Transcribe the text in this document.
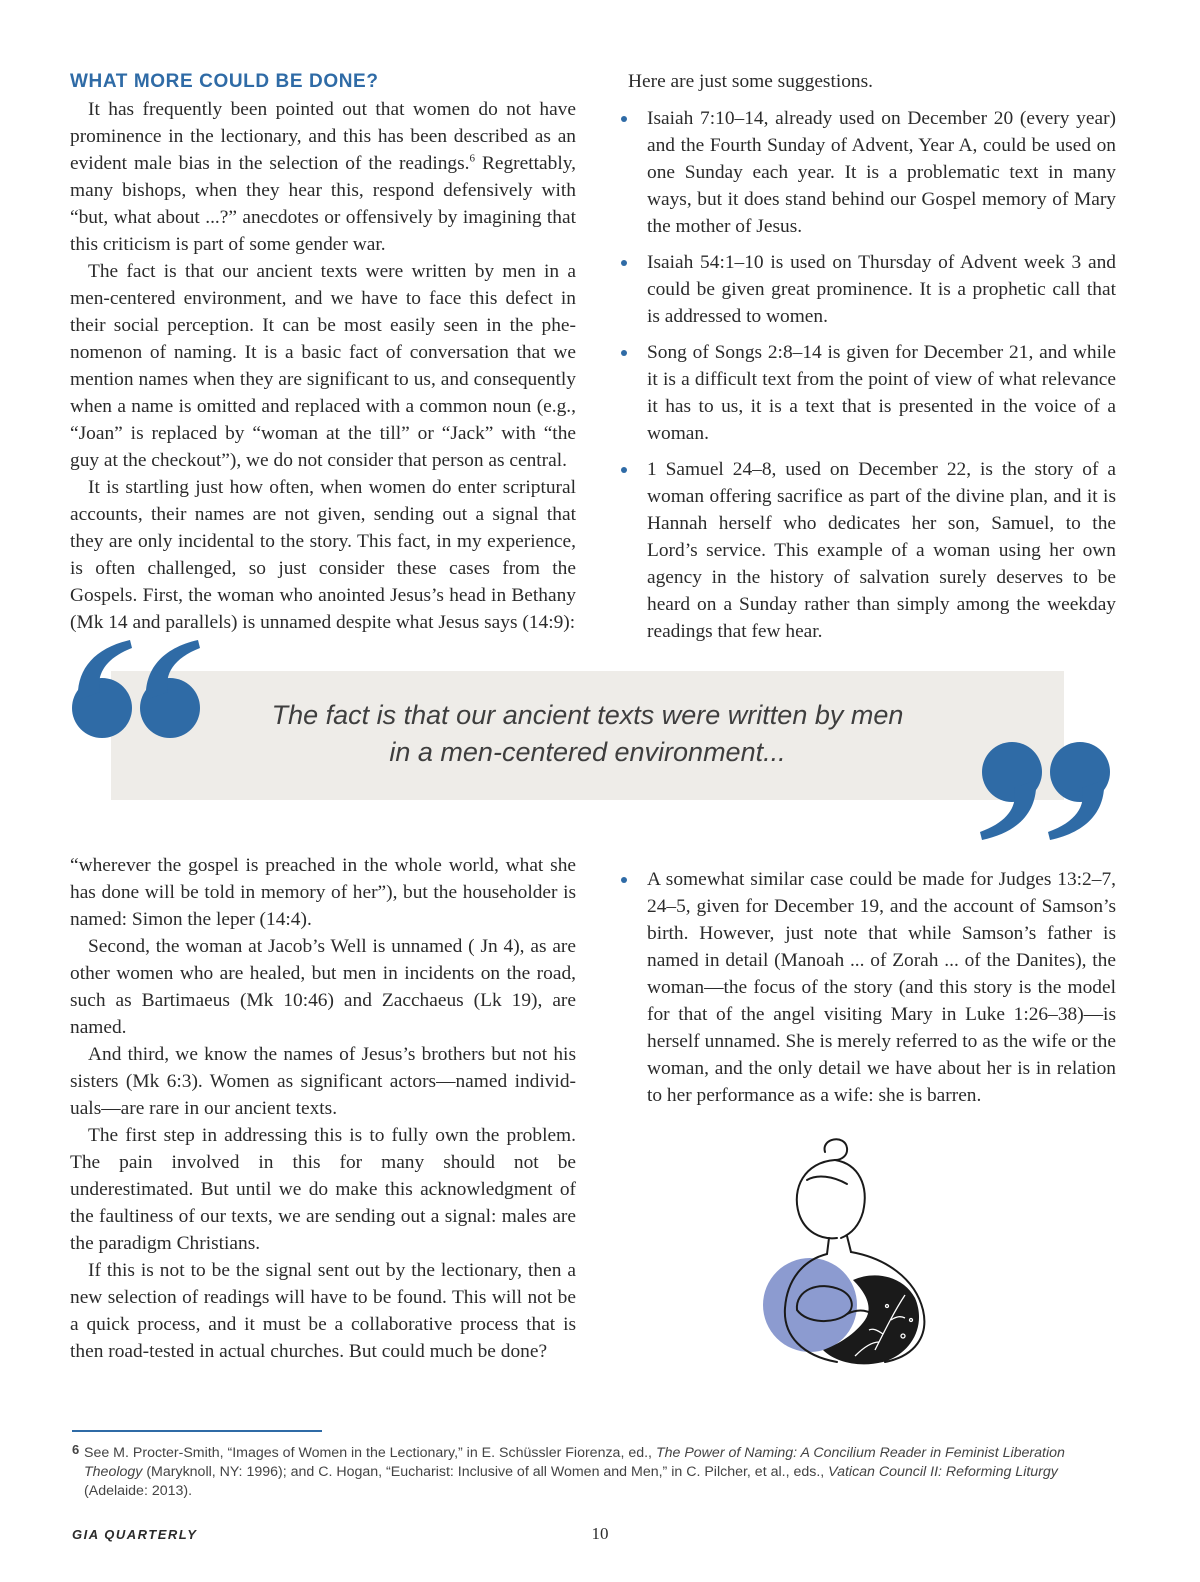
WHAT MORE COULD BE DONE?

It has frequently been pointed out that women do not have prominence in the lectionary, and this has been described as an evident male bias in the selection of the readings.$^6$ Regrettably, many bishops, when they hear this, respond defensively with “but, what about ...?” anecdotes or offensively by imagining that this criticism is part of some gender war.

The fact is that our ancient texts were written by men in a men-centered environment, and we have to face this defect in their social perception. It can be most easily seen in the phenomenon of naming. It is a basic fact of conversation that we mention names when they are significant to us, and consequently when a name is omitted and replaced with a common noun (e.g., “Joan” is replaced by “woman at the till” or “Jack” with “the guy at the checkout”), we do not consider that person as central.

It is startling just how often, when women do enter scriptural accounts, their names are not given, sending out a signal that they are only incidental to the story. This fact, in my experience, is often challenged, so just consider these cases from the Gospels. First, the woman who anointed Jesus’s head in Bethany (Mk 14 and parallels) is unnamed despite what Jesus says (14:9):

Here are just some suggestions.

Isaiah 7:10–14, already used on December 20 (every year) and the Fourth Sunday of Advent, Year A, could be used on one Sunday each year. It is a problematic text in many ways, but it does stand behind our Gospel memory of Mary the mother of Jesus.
Isaiah 54:1–10 is used on Thursday of Advent week 3 and could be given great prominence. It is a prophetic call that is addressed to women.
Song of Songs 2:8–14 is given for December 21, and while it is a difficult text from the point of view of what relevance it has to us, it is a text that is presented in the voice of a woman.
1 Samuel 24–8, used on December 22, is the story of a woman offering sacrifice as part of the divine plan, and it is Hannah herself who dedicates her son, Samuel, to the Lord’s service. This example of a woman using her own agency in the history of salvation surely deserves to be heard on a Sunday rather than simply among the weekday readings that few hear.
The fact is that our ancient texts were written by men
in a men-centered environment...

“wherever the gospel is preached in the whole world, what she has done will be told in memory of her”), but the householder is named: Simon the leper (14:4).

Second, the woman at Jacob’s Well is unnamed ( Jn 4), as are other women who are healed, but men in incidents on the road, such as Bartimaeus (Mk 10:46) and Zacchaeus (Lk 19), are named.

And third, we know the names of Jesus’s brothers but not his sisters (Mk 6:3). Women as significant actors—named individuals—are rare in our ancient texts.

The first step in addressing this is to fully own the problem. The pain involved in this for many should not be underestimated. But until we do make this acknowledgment of the faultiness of our texts, we are sending out a signal: males are the paradigm Christians.

If this is not to be the signal sent out by the lectionary, then a new selection of readings will have to be found. This will not be a quick process, and it must be a collaborative process that is then road-tested in actual churches. But could much be done?

A somewhat similar case could be made for Judges 13:2–7, 24–5, given for December 19, and the account of Samson’s birth. However, just note that while Samson’s father is named in detail (Manoah ... of Zorah ... of the Danites), the woman—the focus of the story (and this story is the model for that of the angel visiting Mary in Luke 1:26–38)—is herself unnamed. She is merely referred to as the wife or the woman, and the only detail we have about her is in relation to her performance as a wife: she is barren.
6 See M. Procter-Smith, “Images of Women in the Lectionary,” in E. Schüssler Fiorenza, ed., The Power of Naming: A Concilium Reader in Feminist Liberation Theology (Maryknoll, NY: 1996); and C. Hogan, “Eucharist: Inclusive of all Women and Men,” in C. Pilcher, et al., eds., Vatican Council II: Reforming Liturgy (Adelaide: 2013).
GIA QUARTERLY	10
